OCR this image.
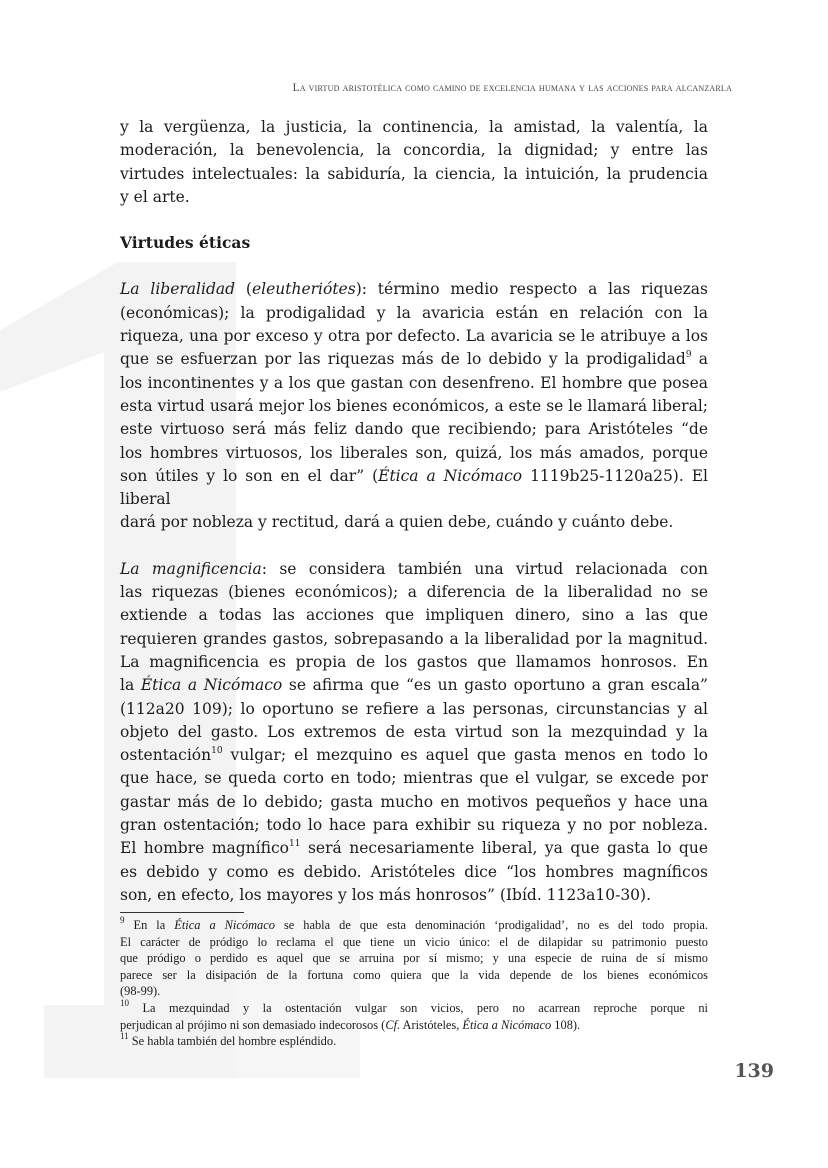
La virtud aristotélica como camino de excelencia humana y las acciones para alcanzarla

y la vergüenza, la justicia, la continencia, la amistad, la valentía, la

moderación, la benevolencia, la concordia, la dignidad; y entre las

virtudes intelectuales: la sabiduría, la ciencia, la intuición, la prudencia

y el arte.

Virtudes éticas

La liberalidad (eleutheriótes): término medio respecto a las riquezas

(económicas); la prodigalidad y la avaricia están en relación con la

riqueza, una por exceso y otra por defecto. La avaricia se le atribuye a los

que se esfuerzan por las riquezas más de lo debido y la prodigalidad$^9$ a

los incontinentes y a los que gastan con desenfreno. El hombre que posea

esta virtud usará mejor los bienes económicos, a este se le llamará liberal;

este virtuoso será más feliz dando que recibiendo; para Aristóteles “de

los hombres virtuosos, los liberales son, quizá, los más amados, porque

son útiles y lo son en el dar” (Ética a Nicómaco 1119b25-1120a25). El liberal

dará por nobleza y rectitud, dará a quien debe, cuándo y cuánto debe.

La magnificencia: se considera también una virtud relacionada con

las riquezas (bienes económicos); a diferencia de la liberalidad no se

extiende a todas las acciones que impliquen dinero, sino a las que

requieren grandes gastos, sobrepasando a la liberalidad por la magnitud.

La magnificencia es propia de los gastos que llamamos honrosos. En

la Ética a Nicómaco se afirma que “es un gasto oportuno a gran escala”

(112a20 109); lo oportuno se refiere a las personas, circunstancias y al

objeto del gasto. Los extremos de esta virtud son la mezquindad y la

ostentación$^{10}$ vulgar; el mezquino es aquel que gasta menos en todo lo

que hace, se queda corto en todo; mientras que el vulgar, se excede por

gastar más de lo debido; gasta mucho en motivos pequeños y hace una

gran ostentación; todo lo hace para exhibir su riqueza y no por nobleza.

El hombre magnífico$^{11}$ será necesariamente liberal, ya que gasta lo que

es debido y como es debido. Aristóteles dice “los hombres magníficos

son, en efecto, los mayores y los más honrosos” (Ibíd. 1123a10-30).

$^9$ En la Ética a Nicómaco se habla de que esta denominación ‘prodigalidad’, no es del todo propia.

El carácter de pródigo lo reclama el que tiene un vicio único: el de dilapidar su patrimonio puesto

que pródigo o perdido es aquel que se arruina por sí mismo; y una especie de ruina de sí mismo

parece ser la disipación de la fortuna como quiera que la vida depende de los bienes económicos

(98-99).

$^{10}$ La mezquindad y la ostentación vulgar son vicios, pero no acarrean reproche porque ni

perjudican al prójimo ni son demasiado indecorosos (Cf. Aristóteles, Ética a Nicómaco 108).

$^{11}$ Se habla también del hombre espléndido.

139
